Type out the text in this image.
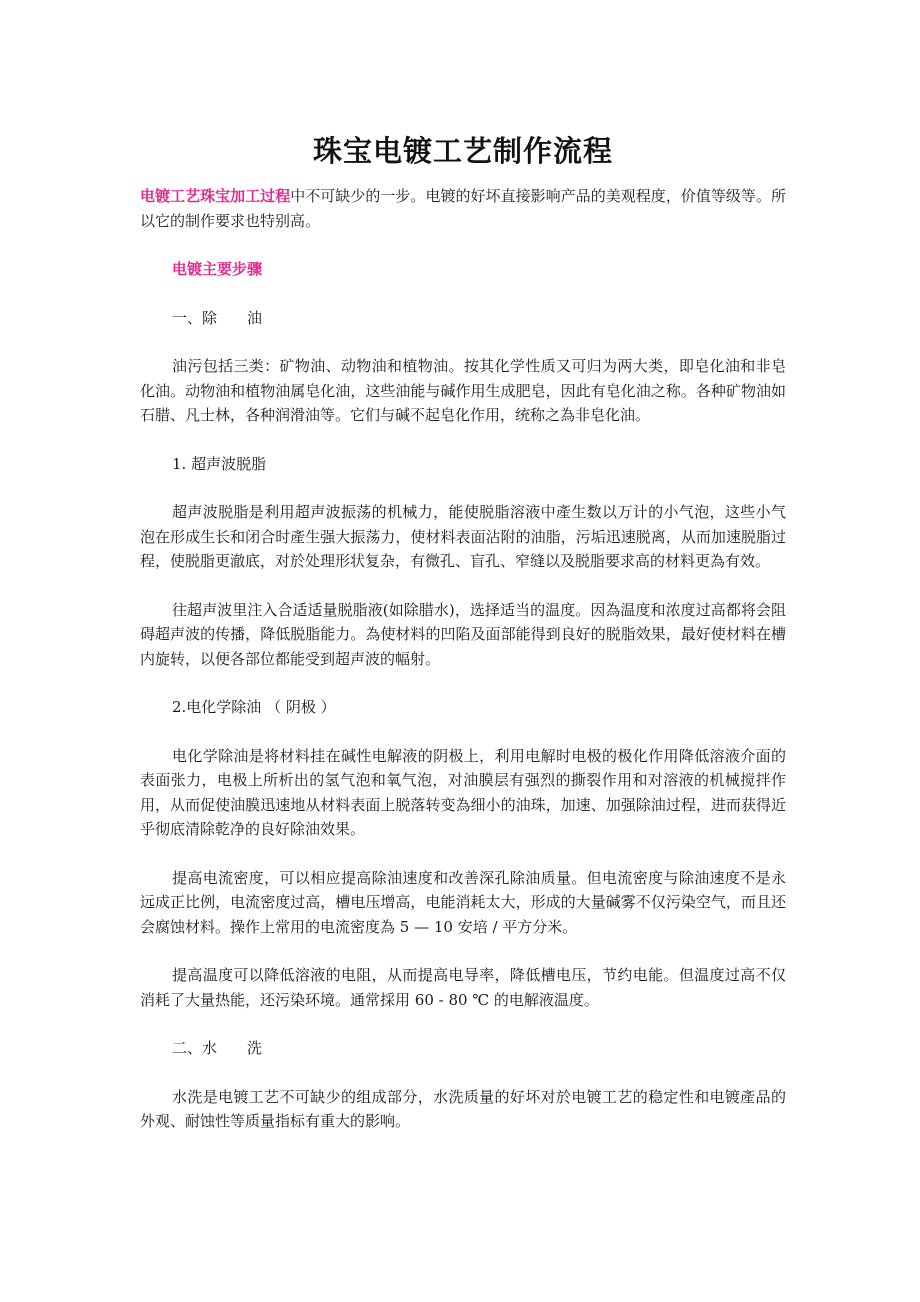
珠宝电镀工艺制作流程

电镀工艺珠宝加工过程中不可缺少的一步。电镀的好坏直接影响产品的美观程度，价值等级等。所以它的制作要求也特别高。

电镀主要步骤

一、除　　油

油污包括三类：矿物油、动物油和植物油。按其化学性质又可归为两大类，即皂化油和非皂化油。动物油和植物油属皂化油，这些油能与碱作用生成肥皂，因此有皂化油之称。各种矿物油如石腊、凡士林，各种润滑油等。它们与碱不起皂化作用，统称之為非皂化油。

1. 超声波脱脂

超声波脱脂是利用超声波振荡的机械力，能使脱脂溶液中產生数以万计的小气泡，这些小气泡在形成生长和闭合时產生强大振荡力，使材料表面沾附的油脂，污垢迅速脱离，从而加速脱脂过程，使脱脂更澈底，对於处理形状复杂，有微孔、盲孔、窄缝以及脱脂要求高的材料更為有效。

往超声波里注入合适适量脱脂液(如除腊水)，选择适当的温度。因為温度和浓度过高都将会阻碍超声波的传播，降低脱脂能力。為使材料的凹陷及面部能得到良好的脱脂效果，最好使材料在槽内旋转，以便各部位都能受到超声波的幅射。

2.电化学除油 （ 阴极 ）

电化学除油是将材料挂在碱性电解液的阴极上，利用电解时电极的极化作用降低溶液介面的表面张力，电极上所析出的氢气泡和氧气泡，对油膜层有强烈的撕裂作用和对溶液的机械搅拌作用，从而促使油膜迅速地从材料表面上脱落转变為细小的油珠，加速、加强除油过程，进而获得近乎彻底清除乾净的良好除油效果。

提高电流密度，可以相应提高除油速度和改善深孔除油质量。但电流密度与除油速度不是永远成正比例，电流密度过高，槽电压增高，电能消耗太大，形成的大量碱雾不仅污染空气，而且还会腐蚀材料。操作上常用的电流密度為 5 — 10 安培 / 平方分米。

提高温度可以降低溶液的电阻，从而提高电导率，降低槽电压，节约电能。但温度过高不仅消耗了大量热能，还污染环境。通常採用 60 - 80 ℃ 的电解液温度。

二、水　　洗

水洗是电镀工艺不可缺少的组成部分，水洗质量的好坏对於电镀工艺的稳定性和电镀產品的外观、耐蚀性等质量指标有重大的影响。
